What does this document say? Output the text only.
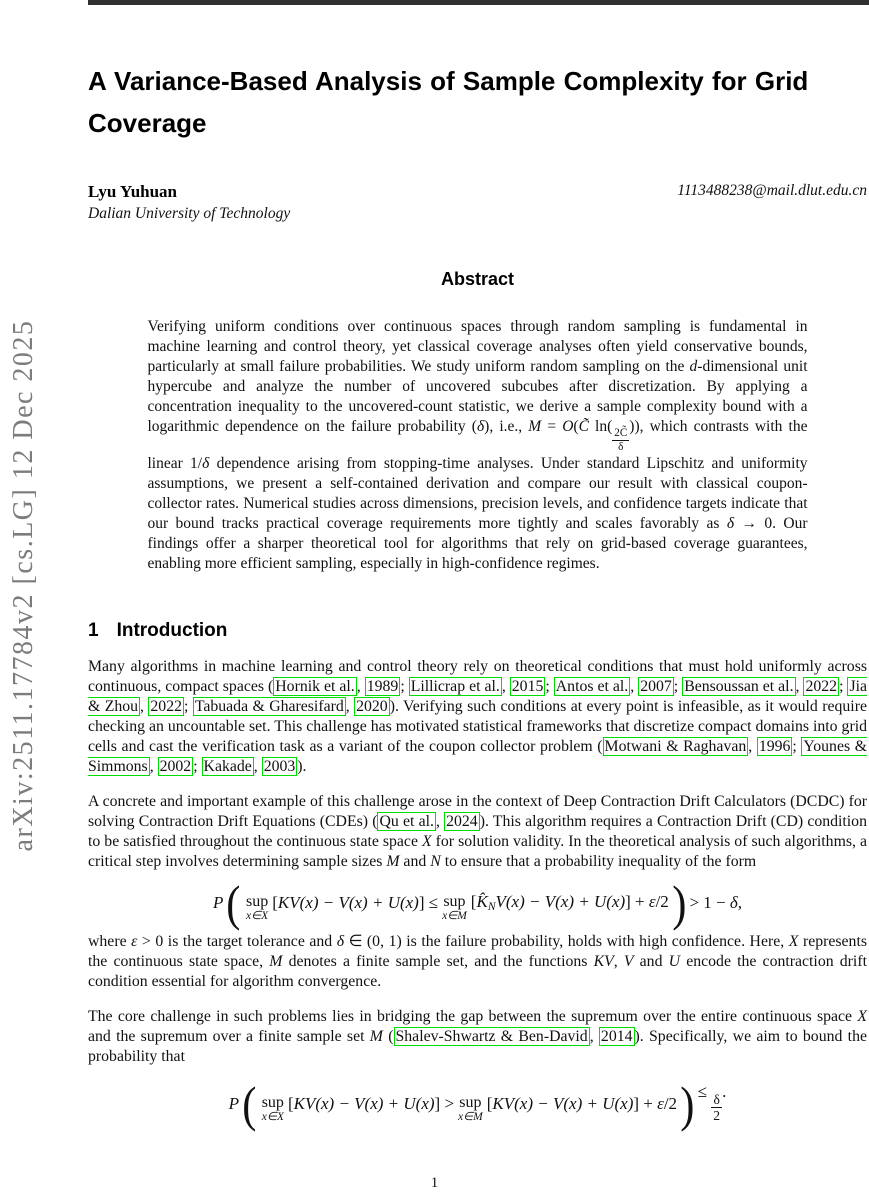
arXiv:2511.17784v2 [cs.LG] 12 Dec 2025
A Variance-Based Analysis of Sample Complexity for Grid Coverage
Lyu Yuhuan
Dalian University of Technology
1113488238@mail.dlut.edu.cn
Abstract
Verifying uniform conditions over continuous spaces through random sampling is fundamental in machine learning and control theory, yet classical coverage analyses often yield conservative bounds, particularly at small failure probabilities. We study uniform random sampling on the d-dimensional unit hypercube and analyze the number of uncovered subcubes after discretization. By applying a concentration inequality to the uncovered-count statistic, we derive a sample complexity bound with a logarithmic dependence on the failure probability (δ), i.e., M = O(C̃ ln(
$\frac{2C̃}{\delta}$
)), which contrasts with the linear 1/δ dependence arising from stopping-time analyses. Under standard Lipschitz and uniformity assumptions, we present a self-contained derivation and compare our result with classical coupon-collector rates. Numerical studies across dimensions, precision levels, and confidence targets indicate that our bound tracks practical coverage requirements more tightly and scales favorably as δ → 0. Our findings offer a sharper theoretical tool for algorithms that rely on grid-based coverage guarantees, enabling more efficient sampling, especially in high-confidence regimes.
1 Introduction
Many algorithms in machine learning and control theory rely on theoretical conditions that must hold uniformly across continuous, compact spaces ( Hornik et al. , 1989 ; Lillicrap et al. , 2015 ; Antos et al. , 2007 ; Bensoussan et al. , 2022 ; Jia & Zhou , 2022 ; Tabuada & Gharesifard , 2020 ). Verifying such conditions at every point is infeasible, as it would require checking an uncountable set. This challenge has motivated statistical frameworks that discretize compact domains into grid cells and cast the verification task as a variant of the coupon collector problem ( Motwani & Raghavan , 1996 ; Younes & Simmons , 2002 ; Kakade , 2003 ).
A concrete and important example of this challenge arose in the context of Deep Contraction Drift Calculators (DCDC) for solving Contraction Drift Equations (CDEs) ( Qu et al. , 2024 ). This algorithm requires a Contraction Drift (CD) condition to be satisfied throughout the continuous state space X for solution validity. In the theoretical analysis of such algorithms, a critical step involves determining sample sizes M and N to ensure that a probability inequality of the form
P ( sup
x∈X
[KV(x) − V(x) + U(x)] ≤ sup
x∈M
[K̂NV(x) − V(x) + U(x)] + ε/2 ) > 1 − δ,
where ε > 0 is the target tolerance and δ ∈ (0, 1) is the failure probability, holds with high confidence. Here, X represents the continuous state space, M denotes a finite sample set, and the functions KV, V and U encode the contraction drift condition essential for algorithm convergence.
The core challenge in such problems lies in bridging the gap between the supremum over the entire continuous space X and the supremum over a finite sample set M ( Shalev-Shwartz & Ben-David , 2014 ). Specifically, we aim to bound the probability that
P ( sup
x∈X
[KV(x) − V(x) + U(x)] > sup
x∈M
[KV(x) − V(x) + U(x)] + ε/2 ) ≤ $\frac{\delta}{2}$ .
1
